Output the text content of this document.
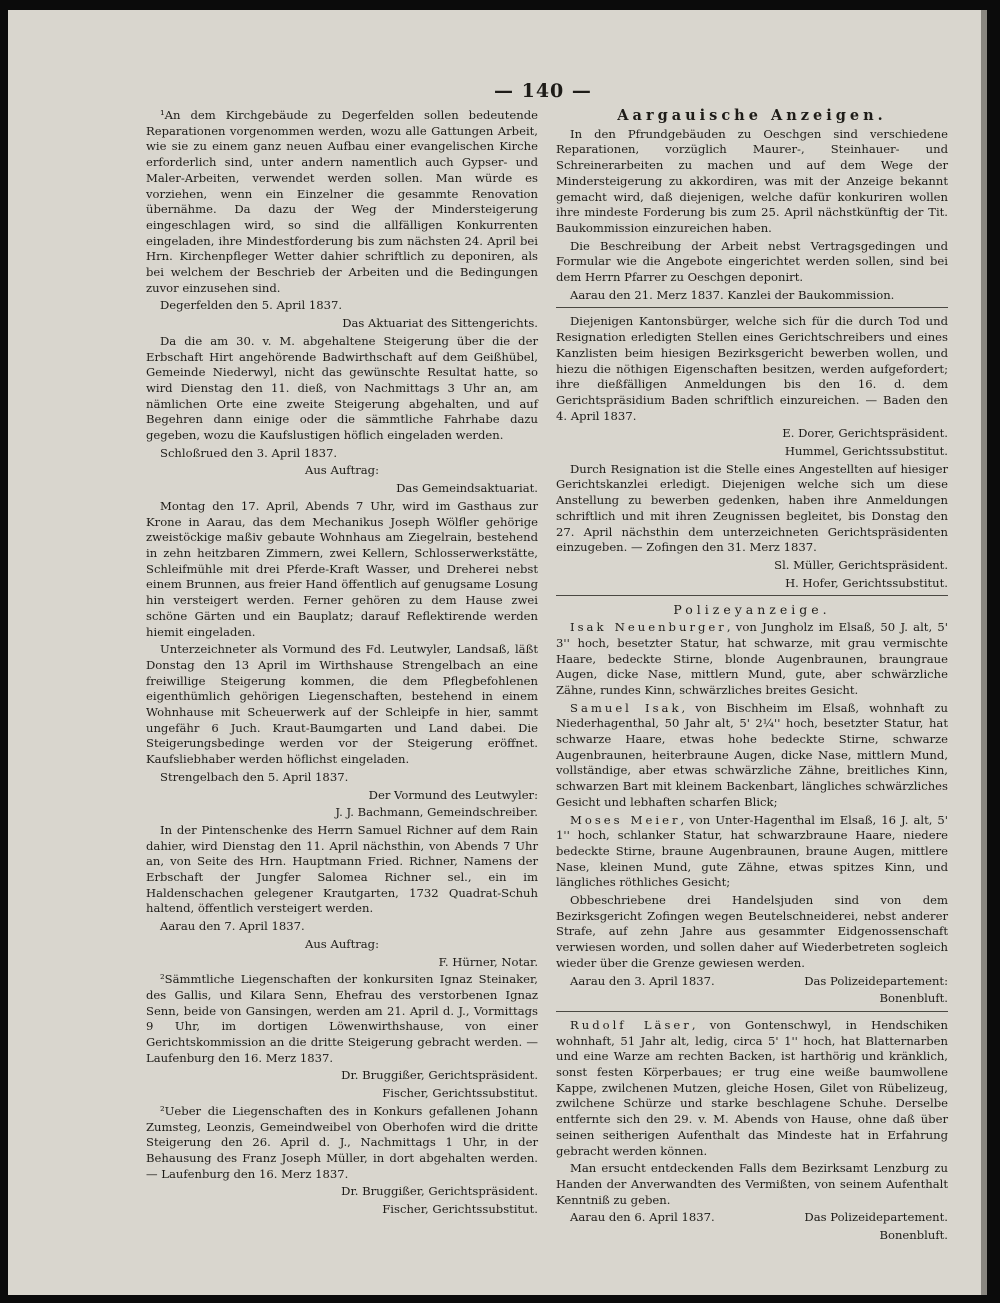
— 140 —

¹An dem Kirchgebäude zu Degerfelden sollen bedeutende Reparationen vorgenommen werden, wozu alle Gattungen Arbeit, wie sie zu einem ganz neuen Aufbau einer evangelischen Kirche erforderlich sind, unter andern namentlich auch Gypser- und Maler-Arbeiten, verwendet werden sollen. Man würde es vorziehen, wenn ein Einzelner die gesammte Renovation übernähme. Da dazu der Weg der Mindersteigerung eingeschlagen wird, so sind die allfälligen Konkurrenten eingeladen, ihre Mindestforderung bis zum nächsten 24. April bei Hrn. Kirchenpfleger Wetter dahier schriftlich zu deponiren, als bei welchem der Beschrieb der Arbeiten und die Bedingungen zuvor einzusehen sind.

Degerfelden den 5. April 1837.

Das Aktuariat des Sittengerichts.

Da die am 30. v. M. abgehaltene Steigerung über die der Erbschaft Hirt angehörende Badwirthschaft auf dem Geißhübel, Gemeinde Niederwyl, nicht das gewünschte Resultat hatte, so wird Dienstag den 11. dieß, von Nachmittags 3 Uhr an, am nämlichen Orte eine zweite Steigerung abgehalten, und auf Begehren dann einige oder die sämmtliche Fahrhabe dazu gegeben, wozu die Kaufslustigen höflich eingeladen werden.

Schloßrued den 3. April 1837.

Aus Auftrag:

Das Gemeindsaktuariat.

Montag den 17. April, Abends 7 Uhr, wird im Gasthaus zur Krone in Aarau, das dem Mechanikus Joseph Wölfler gehörige zweistöckige maßiv gebaute Wohnhaus am Ziegelrain, bestehend in zehn heitzbaren Zimmern, zwei Kellern, Schlosserwerkstätte, Schleifmühle mit drei Pferde-Kraft Wasser, und Dreherei nebst einem Brunnen, aus freier Hand öffentlich auf genugsame Losung hin versteigert werden. Ferner gehören zu dem Hause zwei schöne Gärten und ein Bauplatz; darauf Reflektirende werden hiemit eingeladen.

Unterzeichneter als Vormund des Fd. Leutwyler, Landsaß, läßt Donstag den 13 April im Wirthshause Strengelbach an eine freiwillige Steigerung kommen, die dem Pflegbefohlenen eigenthümlich gehörigen Liegenschaften, bestehend in einem Wohnhause mit Scheuerwerk auf der Schleipfe in hier, sammt ungefähr 6 Juch. Kraut-Baumgarten und Land dabei. Die Steigerungsbedinge werden vor der Steigerung eröffnet. Kaufsliebhaber werden höflichst eingeladen.

Strengelbach den 5. April 1837.

Der Vormund des Leutwyler:

J. J. Bachmann, Gemeindschreiber.

In der Pintenschenke des Herrn Samuel Richner auf dem Rain dahier, wird Dienstag den 11. April nächsthin, von Abends 7 Uhr an, von Seite des Hrn. Hauptmann Fried. Richner, Namens der Erbschaft der Jungfer Salomea Richner sel., ein im Haldenschachen gelegener Krautgarten, 1732 Quadrat-Schuh haltend, öffentlich versteigert werden.

Aarau den 7. April 1837.

Aus Auftrag:

F. Hürner, Notar.

²Sämmtliche Liegenschaften der konkursiten Ignaz Steinaker, des Gallis, und Kilara Senn, Ehefrau des verstorbenen Ignaz Senn, beide von Gansingen, werden am 21. April d. J., Vormittags 9 Uhr, im dortigen Löwenwirthshause, von einer Gerichtskommission an die dritte Steigerung gebracht werden. — Laufenburg den 16. Merz 1837.

Dr. Bruggißer, Gerichtspräsident.

Fischer, Gerichtssubstitut.

²Ueber die Liegenschaften des in Konkurs gefallenen Johann Zumsteg, Leonzis, Gemeindweibel von Oberhofen wird die dritte Steigerung den 26. April d. J., Nachmittags 1 Uhr, in der Behausung des Franz Joseph Müller, in dort abgehalten werden. — Laufenburg den 16. Merz 1837.

Dr. Bruggißer, Gerichtspräsident.

Fischer, Gerichtssubstitut.

Aargauische Anzeigen.

In den Pfrundgebäuden zu Oeschgen sind verschiedene Reparationen, vorzüglich Maurer-, Steinhauer- und Schreinerarbeiten zu machen und auf dem Wege der Mindersteigerung zu akkordiren, was mit der Anzeige bekannt gemacht wird, daß diejenigen, welche dafür konkuriren wollen ihre mindeste Forderung bis zum 25. April nächstkünftig der Tit. Baukommission einzureichen haben.

Die Beschreibung der Arbeit nebst Vertragsgedingen und Formular wie die Angebote eingerichtet werden sollen, sind bei dem Herrn Pfarrer zu Oeschgen deponirt.

Aarau den 21. Merz 1837. Kanzlei der Baukommission.

Diejenigen Kantonsbürger, welche sich für die durch Tod und Resignation erledigten Stellen eines Gerichtschreibers und eines Kanzlisten beim hiesigen Bezirksgericht bewerben wollen, und hiezu die nöthigen Eigenschaften besitzen, werden aufgefordert; ihre dießfälligen Anmeldungen bis den 16. d. dem Gerichtspräsidium Baden schriftlich einzureichen. — Baden den 4. April 1837.

E. Dorer, Gerichtspräsident.

Hummel, Gerichtssubstitut.

Durch Resignation ist die Stelle eines Angestellten auf hiesiger Gerichtskanzlei erledigt. Diejenigen welche sich um diese Anstellung zu bewerben gedenken, haben ihre Anmeldungen schriftlich und mit ihren Zeugnissen begleitet, bis Donstag den 27. April nächsthin dem unterzeichneten Gerichtspräsidenten einzugeben. — Zofingen den 31. Merz 1837.

Sl. Müller, Gerichtspräsident.

H. Hofer, Gerichtssubstitut.

Polizeyanzeige.

Isak Neuenburger, von Jungholz im Elsaß, 50 J. alt, 5' 3'' hoch, besetzter Statur, hat schwarze, mit grau vermischte Haare, bedeckte Stirne, blonde Augenbraunen, braungraue Augen, dicke Nase, mittlern Mund, gute, aber schwärzliche Zähne, rundes Kinn, schwärzliches breites Gesicht.

Samuel Isak, von Bischheim im Elsaß, wohnhaft zu Niederhagenthal, 50 Jahr alt, 5' 2¼'' hoch, besetzter Statur, hat schwarze Haare, etwas hohe bedeckte Stirne, schwarze Augenbraunen, heiterbraune Augen, dicke Nase, mittlern Mund, vollständige, aber etwas schwärzliche Zähne, breitliches Kinn, schwarzen Bart mit kleinem Backenbart, längliches schwärzliches Gesicht und lebhaften scharfen Blick;

Moses Meier, von Unter-Hagenthal im Elsaß, 16 J. alt, 5' 1'' hoch, schlanker Statur, hat schwarzbraune Haare, niedere bedeckte Stirne, braune Augenbraunen, braune Augen, mittlere Nase, kleinen Mund, gute Zähne, etwas spitzes Kinn, und längliches röthliches Gesicht;

Obbeschriebene drei Handelsjuden sind von dem Bezirksgericht Zofingen wegen Beutelschneiderei, nebst anderer Strafe, auf zehn Jahre aus gesammter Eidgenossenschaft verwiesen worden, und sollen daher auf Wiederbetreten sogleich wieder über die Grenze gewiesen werden.

Aarau den 3. April 1837.	Das Polizeidepartement:

Bonenbluft.

Rudolf Läser, von Gontenschwyl, in Hendschiken wohnhaft, 51 Jahr alt, ledig, circa 5' 1'' hoch, hat Blatternarben und eine Warze am rechten Backen, ist harthörig und kränklich, sonst festen Körperbaues; er trug eine weiße baumwollene Kappe, zwilchenen Mutzen, gleiche Hosen, Gilet von Rübelizeug, zwilchene Schürze und starke beschlagene Schuhe. Derselbe entfernte sich den 29. v. M. Abends von Hause, ohne daß über seinen seitherigen Aufenthalt das Mindeste hat in Erfahrung gebracht werden können.

Man ersucht entdeckenden Falls dem Bezirksamt Lenzburg zu Handen der Anverwandten des Vermißten, von seinem Aufenthalt Kenntniß zu geben.

Aarau den 6. April 1837.	Das Polizeidepartement.

Bonenbluft.
